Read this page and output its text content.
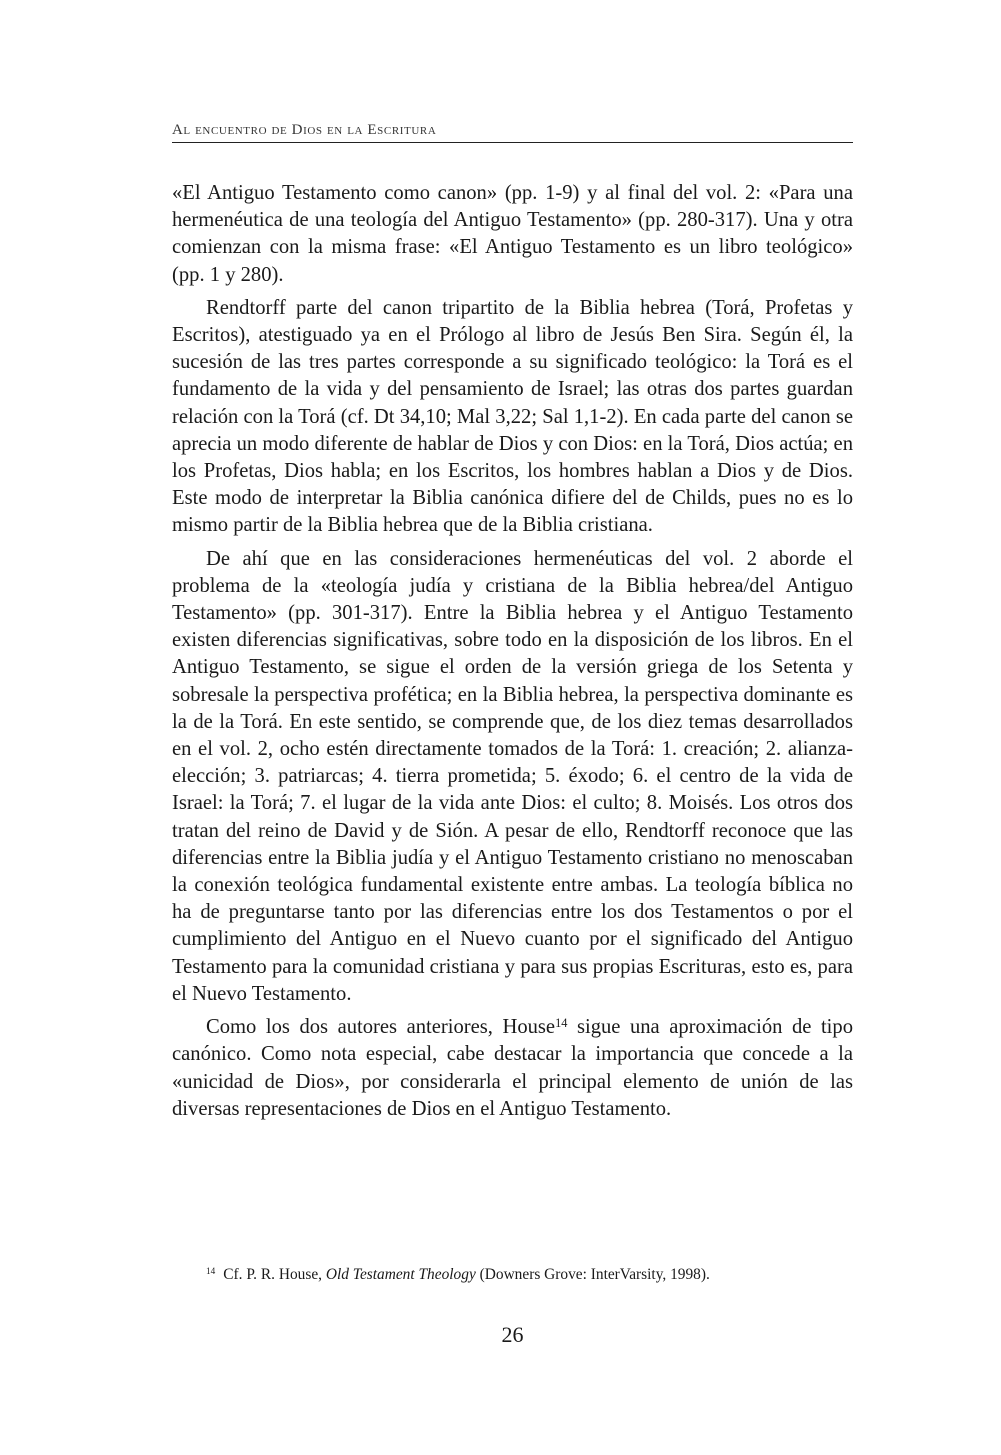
Al encuentro de Dios en la Escritura

«El Antiguo Testamento como canon» (pp. 1-9) y al final del vol. 2: «Para una hermenéutica de una teología del Antiguo Testamento» (pp. 280-317). Una y otra comienzan con la misma frase: «El Antiguo Testamento es un libro teológico» (pp. 1 y 280).

Rendtorff parte del canon tripartito de la Biblia hebrea (Torá, Profetas y Escritos), atestiguado ya en el Prólogo al libro de Jesús Ben Sira. Según él, la sucesión de las tres partes corresponde a su significado teológico: la Torá es el fundamento de la vida y del pensamiento de Israel; las otras dos partes guardan relación con la Torá (cf. Dt 34,10; Mal 3,22; Sal 1,1-2). En cada parte del canon se aprecia un modo diferente de hablar de Dios y con Dios: en la Torá, Dios actúa; en los Profetas, Dios habla; en los Escritos, los hombres hablan a Dios y de Dios. Este modo de interpretar la Biblia canónica difiere del de Childs, pues no es lo mismo partir de la Biblia hebrea que de la Biblia cristiana.

De ahí que en las consideraciones hermenéuticas del vol. 2 aborde el problema de la «teología judía y cristiana de la Biblia hebrea/del Antiguo Testamento» (pp. 301-317). Entre la Biblia hebrea y el Antiguo Testamento existen diferencias significativas, sobre todo en la disposición de los libros. En el Antiguo Testamento, se sigue el orden de la versión griega de los Setenta y sobresale la perspectiva profética; en la Biblia hebrea, la perspectiva dominante es la de la Torá. En este sentido, se comprende que, de los diez temas desarrollados en el vol. 2, ocho estén directamente tomados de la Torá: 1. creación; 2. alianza-elección; 3. patriarcas; 4. tierra prometida; 5. éxodo; 6. el centro de la vida de Israel: la Torá; 7. el lugar de la vida ante Dios: el culto; 8. Moisés. Los otros dos tratan del reino de David y de Sión. A pesar de ello, Rendtorff reconoce que las diferencias entre la Biblia judía y el Antiguo Testamento cristiano no menoscaban la conexión teológica fundamental existente entre ambas. La teología bíblica no ha de preguntarse tanto por las diferencias entre los dos Testamentos o por el cumplimiento del Antiguo en el Nuevo cuanto por el significado del Antiguo Testamento para la comunidad cristiana y para sus propias Escrituras, esto es, para el Nuevo Testamento.

Como los dos autores anteriores, House$^{14}$ sigue una aproximación de tipo canónico. Como nota especial, cabe destacar la importancia que concede a la «unicidad de Dios», por considerarla el principal elemento de unión de las diversas representaciones de Dios en el Antiguo Testamento.

$^{14}$ Cf. P. R. House, Old Testament Theology (Downers Grove: InterVarsity, 1998).
26
